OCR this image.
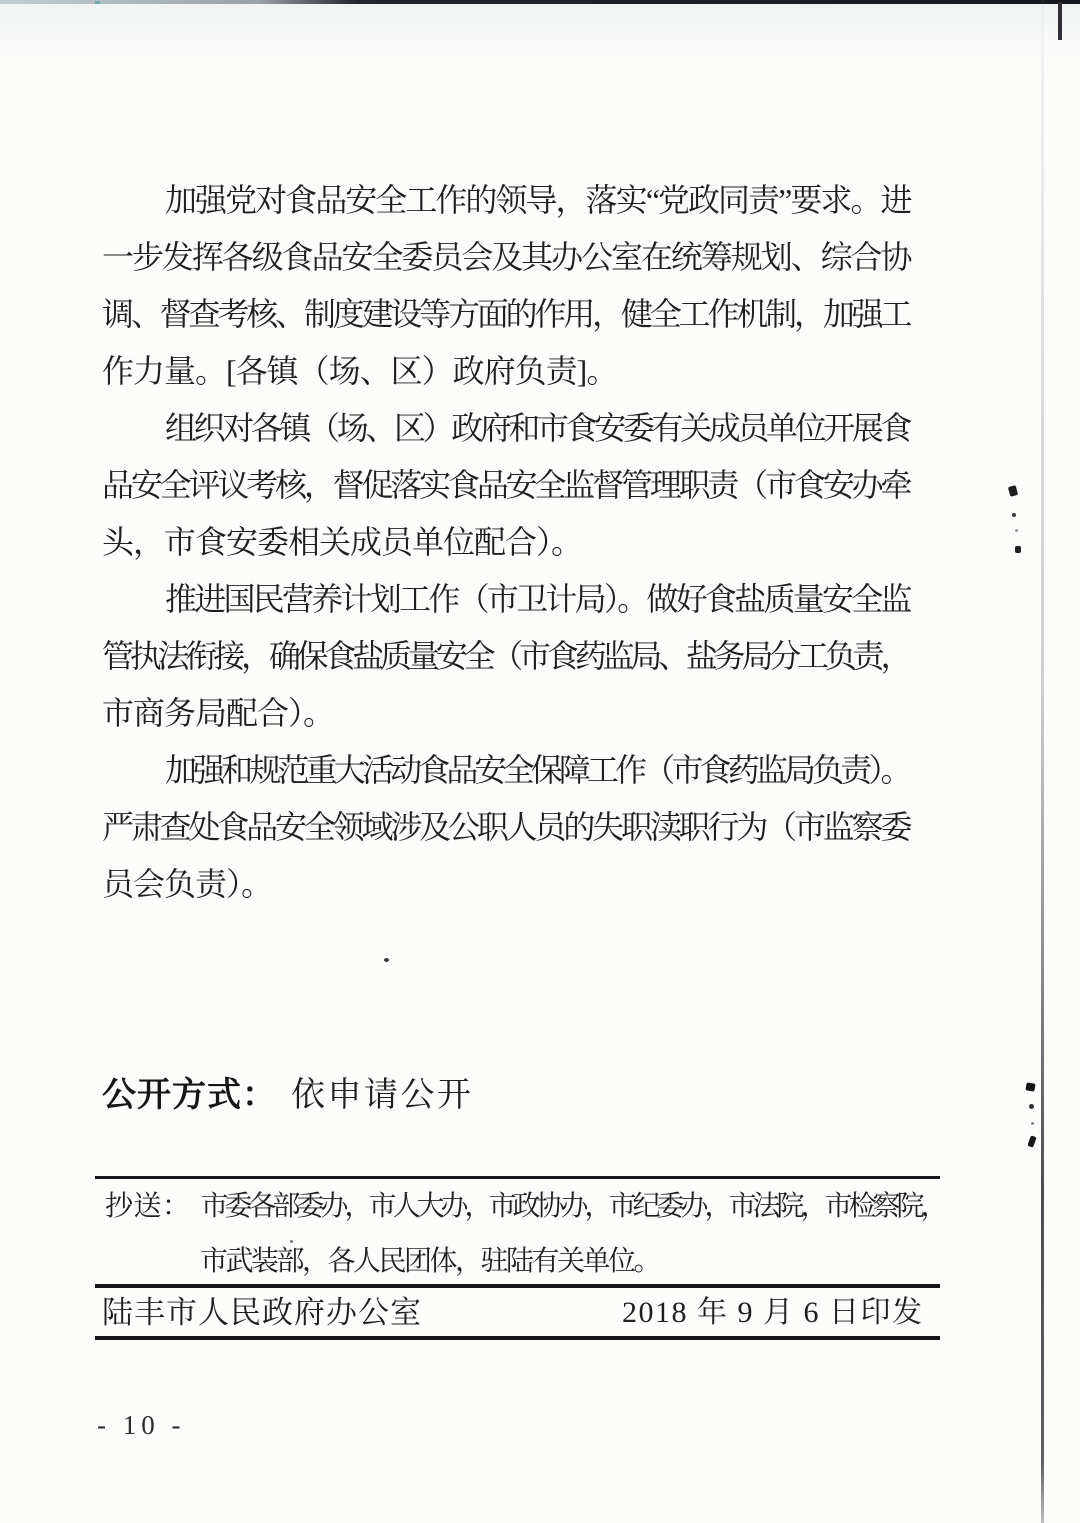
加强党对食品安全工作的领导，落实“党政同责”要求。进
一步发挥各级食品安全委员会及其办公室在统筹规划、综合协
调、督查考核、制度建设等方面的作用，健全工作机制，加强工
作力量。[各镇（场、区）政府负责]。
组织对各镇（场、区）政府和市食安委有关成员单位开展食
品安全评议考核，督促落实食品安全监督管理职责（市食安办牵
头，市食安委相关成员单位配合）。
推进国民营养计划工作（市卫计局）。做好食盐质量安全监
管执法衔接，确保食盐质量安全（市食药监局、盐务局分工负责，
市商务局配合）。
加强和规范重大活动食品安全保障工作（市食药监局负责）。
严肃查处食品安全领域涉及公职人员的失职渎职行为（市监察委
员会负责）。
公开方式： 依申请公开
抄送： 市委各部委办，市人大办，市政协办，市纪委办，市法院，市检察院，
市武装部，各人民团体，驻陆有关单位。
陆丰市人民政府办公室	2018 年 9 月 6 日印发
- 10 -
